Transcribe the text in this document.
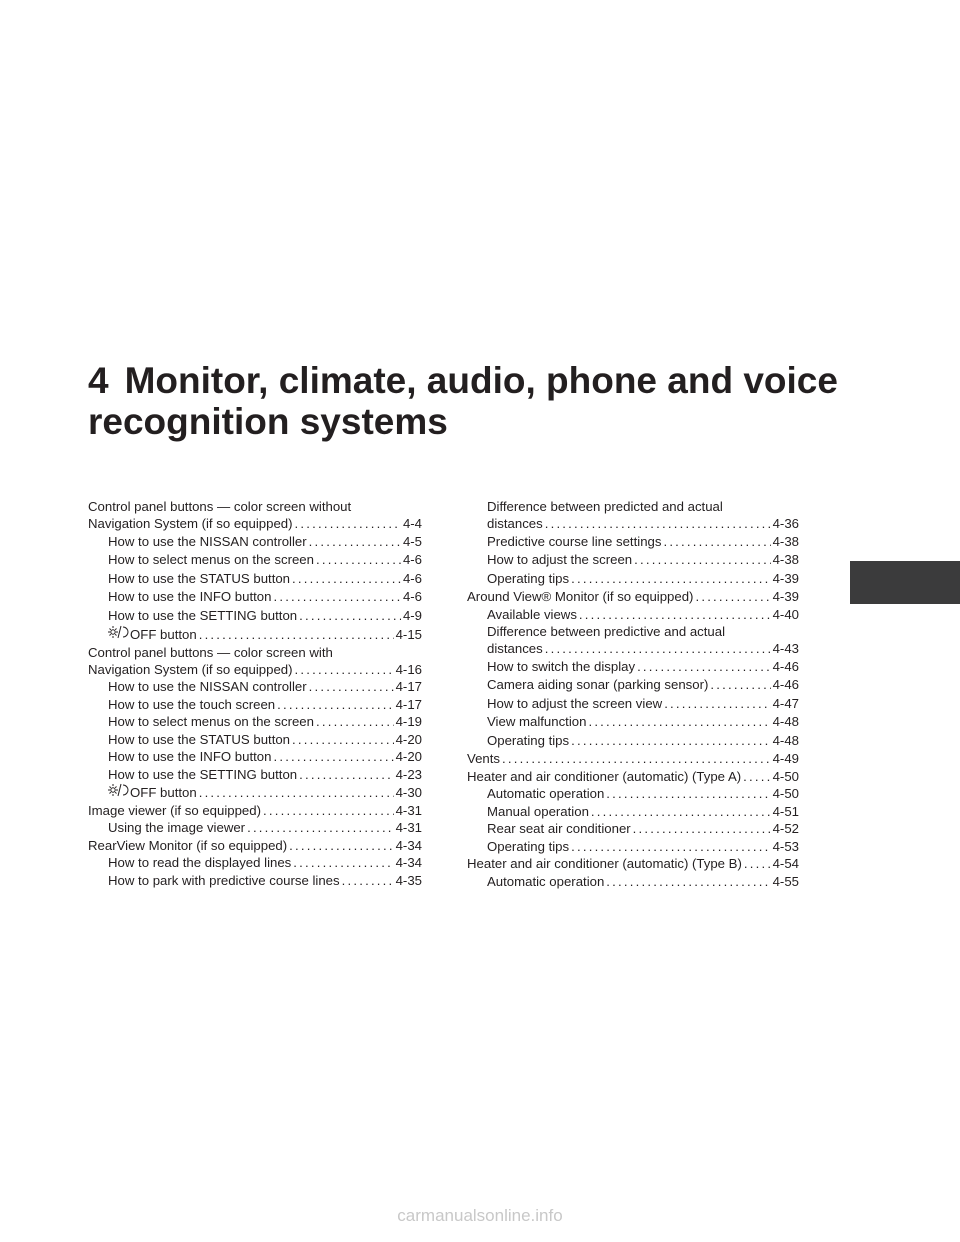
4 Monitor, climate, audio, phone and voice
recognition systems
Control panel buttons — color screen without
Navigation System (if so equipped) .....	4-4
How to use the NISSAN controller .....	4-5
How to select menus on the screen .....	4-6
How to use the STATUS button .....	4-6
How to use the INFO button .....	4-6
How to use the SETTING button .....	4-9
OFF button .....	4-15
Control panel buttons — color screen with
Navigation System (if so equipped) .....	4-16
How to use the NISSAN controller .....	4-17
How to use the touch screen .....	4-17
How to select menus on the screen .....	4-19
How to use the STATUS button .....	4-20
How to use the INFO button .....	4-20
How to use the SETTING button .....	4-23
OFF button .....	4-30
Image viewer (if so equipped) .....	4-31
Using the image viewer .....	4-31
RearView Monitor (if so equipped) .....	4-34
How to read the displayed lines .....	4-34
How to park with predictive course lines .....	4-35
Difference between predicted and actual
distances .....	4-36
Predictive course line settings .....	4-38
How to adjust the screen .....	4-38
Operating tips .....	4-39
Around View® Monitor (if so equipped) .....	4-39
Available views .....	4-40
Difference between predictive and actual
distances .....	4-43
How to switch the display .....	4-46
Camera aiding sonar (parking sensor) .....	4-46
How to adjust the screen view .....	4-47
View malfunction .....	4-48
Operating tips .....	4-48
Vents .....	4-49
Heater and air conditioner (automatic) (Type A) ..... 4-50
Automatic operation .....	4-50
Manual operation .....	4-51
Rear seat air conditioner .....	4-52
Operating tips .....	4-53
Heater and air conditioner (automatic) (Type B) ..... 4-54
Automatic operation .....	4-55
carmanualsonline.info
